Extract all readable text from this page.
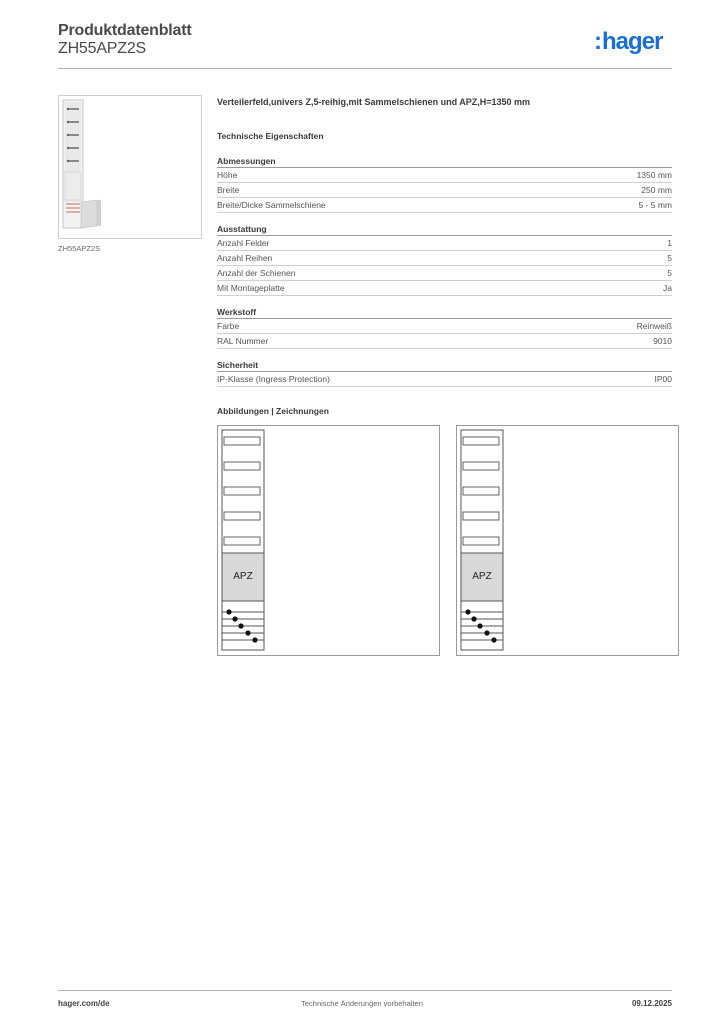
Produktdatenblatt
ZH55APZ2S	:hager
ZH55APZ2S
Verteilerfeld,univers Z,5-reihig,mit Sammelschienen und APZ,H=1350 mm
Technische Eigenschaften
Abmessungen
Höhe	1350 mm
Breite	250 mm
Breite/Dicke Sammelschiene	5 - 5 mm
Ausstattung
Anzahl Felder	1
Anzahl Reihen	5
Anzahl der Schienen	5
Mit Montageplatte	Ja
Werkstoff
Farbe	Reinweiß
RAL Nummer	9010
Sicherheit
IP-Klasse (Ingress Protection)	IP00
Abbildungen | Zeichnungen
APZ	APZ
hager.com/de	Technische Änderungen vorbehalten	09.12.2025
